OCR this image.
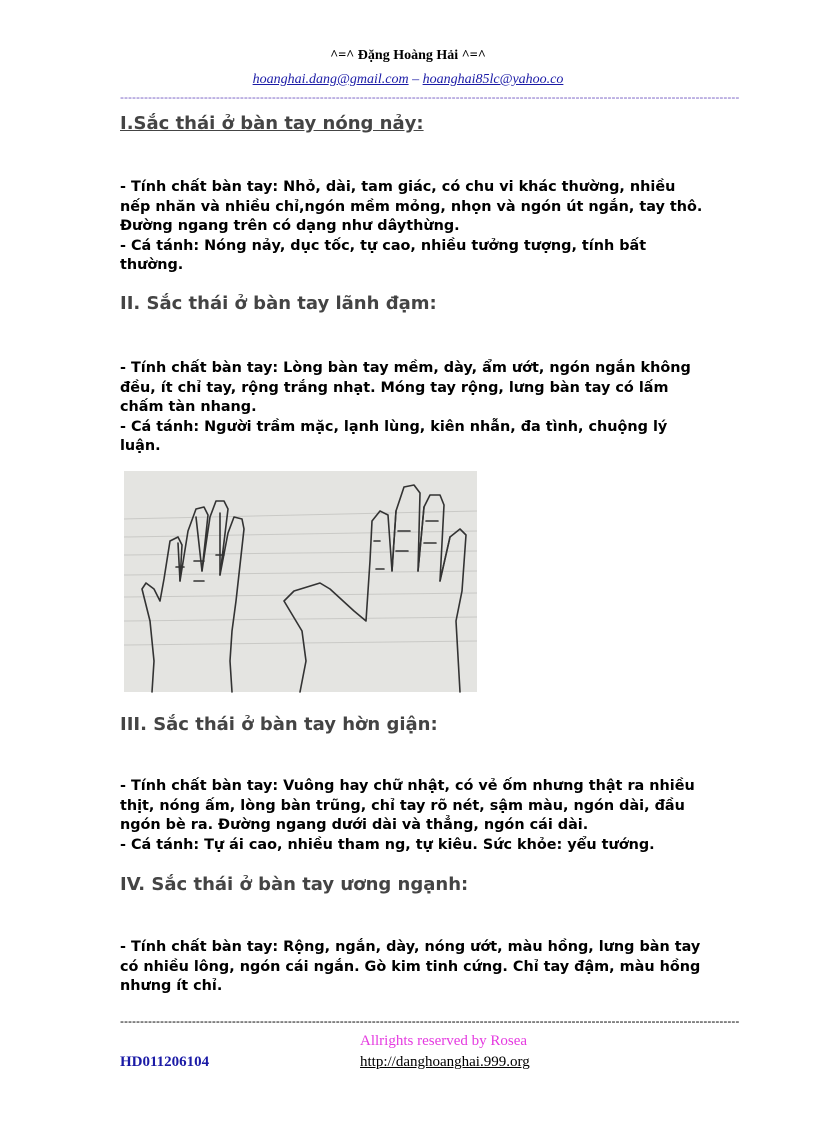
^=^ Đặng Hoàng Hải ^=^
hoanghai.dang@gmail.com – hoanghai85lc@yahoo.co
-----------------------------------------------------------------------------------------------------------------------------------------------------------
I.Sắc thái ở bàn tay nóng nảy:

- Tính chất bàn tay: Nhỏ, dài, tam giác, có chu vi khác thường, nhiều nếp nhăn và nhiều chỉ,ngón mềm mỏng, nhọn và ngón út ngắn, tay thô. Đường ngang trên có dạng như dâythừng.

- Cá tánh: Nóng nảy, dục tốc, tự cao, nhiều tưởng tượng, tính bất thường.

II. Sắc thái ở bàn tay lãnh đạm:

- Tính chất bàn tay: Lòng bàn tay mềm, dày, ẩm ướt, ngón ngắn không đều, ít chỉ tay, rộng trắng nhạt. Móng tay rộng, lưng bàn tay có lấm chấm tàn nhang.

- Cá tánh: Người trầm mặc, lạnh lùng, kiên nhẫn, đa tình, chuộng lý luận.

III. Sắc thái ở bàn tay hờn giận:

- Tính chất bàn tay: Vuông hay chữ nhật, có vẻ ốm nhưng thật ra nhiều thịt, nóng ấm, lòng bàn trũng, chỉ tay rõ nét, sậm màu, ngón dài, đầu ngón bè ra. Đường ngang dưới dài và thẳng, ngón cái dài.

- Cá tánh: Tự ái cao, nhiều tham ng, tự kiêu. Sức khỏe: yểu tướng.

IV. Sắc thái ở bàn tay ương ngạnh:

- Tính chất bàn tay: Rộng, ngắn, dày, nóng ướt, màu hồng, lưng bàn tay có nhiều lông, ngón cái ngắn. Gò kim tinh cứng. Chỉ tay đậm, màu hồng nhưng ít chỉ.

-----------------------------------------------------------------------------------------------------------------------------------------------------------
Allrights reserved by Rosea
HD011206104	http://danghoanghai.999.org
